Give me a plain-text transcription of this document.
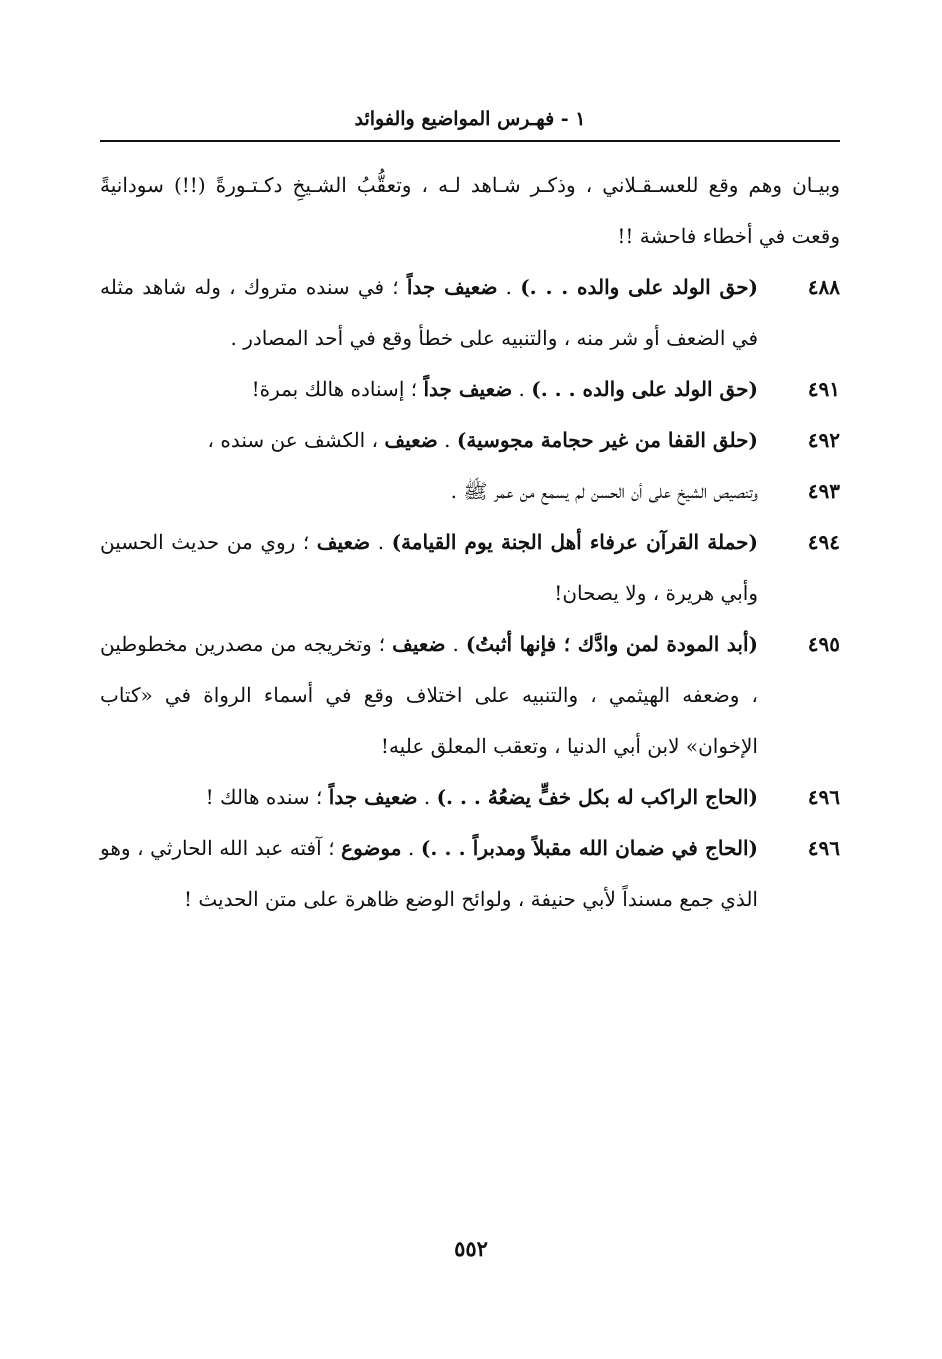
١ - فهـرس المواضيع والفوائد
وبيـان وهم وقع للعسـقـلاني ، وذكـر شـاهد لـه ، وتعقُّبُ الشـيخِ دكـتـورةً (!!) سودانيةً وقعت في أخطاء فاحشة !!
٤٨٨
(حق الولد على والده . . .) . ضعيف جداً ؛ في سنده متروك ، وله شاهد مثله في الضعف أو شر منه ، والتنبيه على خطأ وقع في أحد المصادر .
٤٩١
(حق الولد على والده . . .) . ضعيف جداً ؛ إسناده هالك بمرة!
٤٩٢
(حلق القفا من غير حجامة مجوسية) . ضعيف ، الكشف عن سنده ،
٤٩٣
وتنصيص الشيخ على أن الحسن لم يسمع من عمر ﷺ .
٤٩٤
(حملة القرآن عرفاء أهل الجنة يوم القيامة) . ضعيف ؛ روي من حديث الحسين وأبي هريرة ، ولا يصحان!
٤٩٥
(أبد المودة لمن وادَّك ؛ فإنها أثبتُ) . ضعيف ؛ وتخريجه من مصدرين مخطوطين ، وضعفه الهيثمي ، والتنبيه على اختلاف وقع في أسماء الرواة في «كتاب الإخوان» لابن أبي الدنيا ، وتعقب المعلق عليه!
٤٩٦
(الحاج الراكب له بكل خفٍّ يضعُهُ . . .) . ضعيف جداً ؛ سنده هالك !
٤٩٦
(الحاج في ضمان الله مقبلاً ومدبراً . . .) . موضوع ؛ آفته عبد الله الحارثي ، وهو الذي جمع مسنداً لأبي حنيفة ، ولوائح الوضع ظاهرة على متن الحديث !
٥٥٢
